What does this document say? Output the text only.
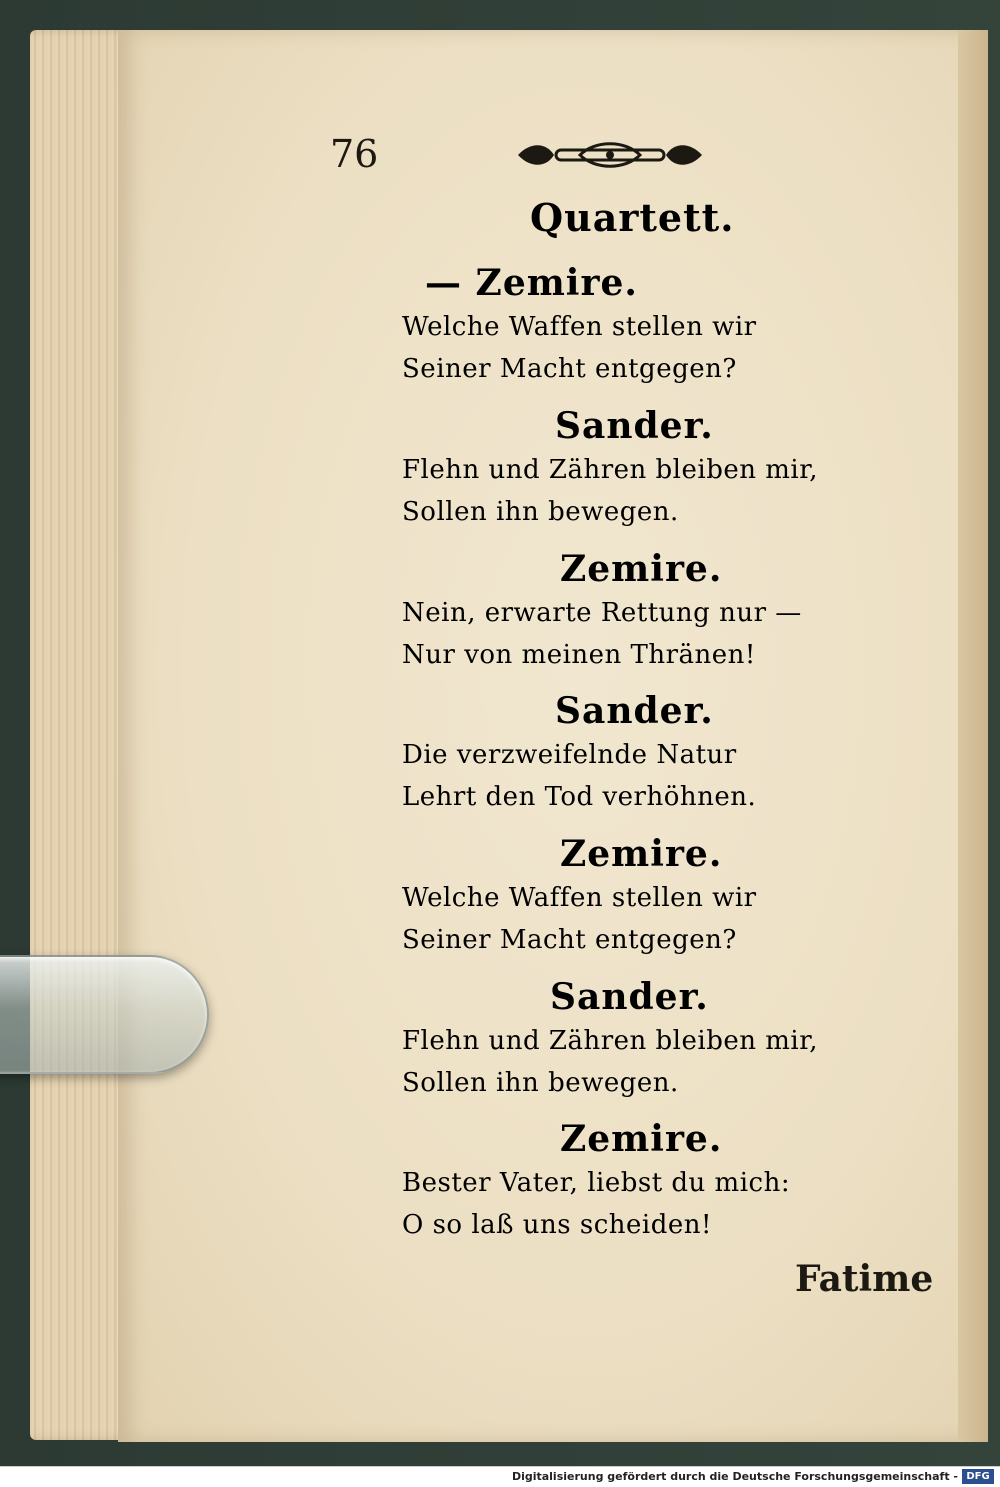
76
Quartett.
— Zemire.
Welche Waffen stellen wir
Seiner Macht entgegen?
Sander.
Flehn und Zähren bleiben mir,
Sollen ihn bewegen.
Zemire.
Nein, erwarte Rettung nur —
Nur von meinen Thränen!
Sander.
Die verzweifelnde Natur
Lehrt den Tod verhöhnen.
Zemire.
Welche Waffen stellen wir
Seiner Macht entgegen?
Sander.
Flehn und Zähren bleiben mir,
Sollen ihn bewegen.
Zemire.
Bester Vater, liebst du mich:
O so laß uns scheiden!
Fatime
Digitalisierung gefördert durch die Deutsche Forschungsgemeinschaft - DFG
